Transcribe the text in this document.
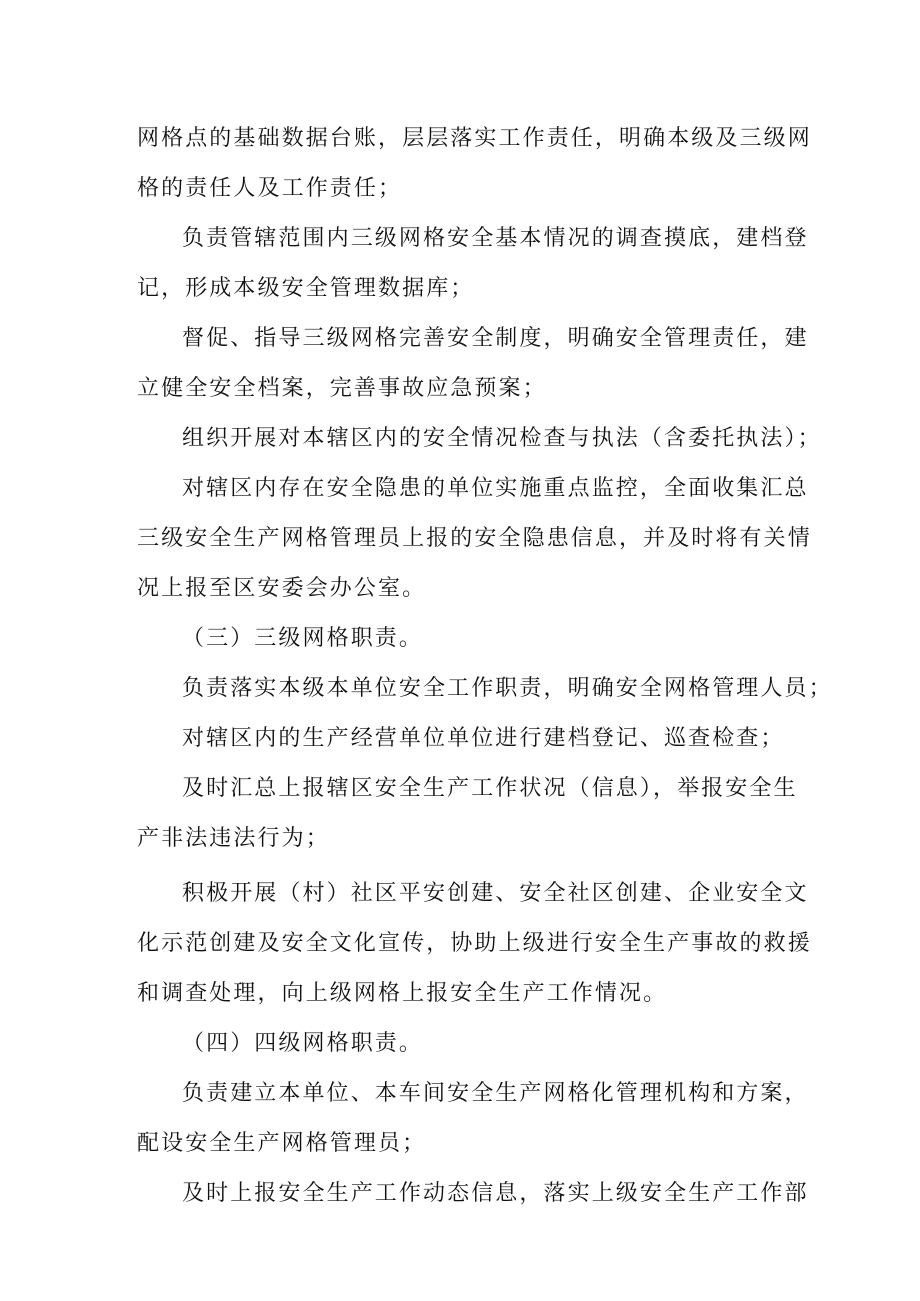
网格点的基础数据台账，层层落实工作责任，明确本级及三级网
格的责任人及工作责任；
负责管辖范围内三级网格安全基本情况的调查摸底，建档登
记，形成本级安全管理数据库；
督促、指导三级网格完善安全制度，明确安全管理责任，建
立健全安全档案，完善事故应急预案；
组织开展对本辖区内的安全情况检查与执法（含委托执法）；
对辖区内存在安全隐患的单位实施重点监控，全面收集汇总
三级安全生产网格管理员上报的安全隐患信息，并及时将有关情
况上报至区安委会办公室。
（三）三级网格职责。
负责落实本级本单位安全工作职责，明确安全网格管理人员；
对辖区内的生产经营单位单位进行建档登记、巡查检查；
及时汇总上报辖区安全生产工作状况（信息），举报安全生
产非法违法行为；
积极开展（村）社区平安创建、安全社区创建、企业安全文
化示范创建及安全文化宣传，协助上级进行安全生产事故的救援
和调查处理，向上级网格上报安全生产工作情况。
（四）四级网格职责。
负责建立本单位、本车间安全生产网格化管理机构和方案，
配设安全生产网格管理员；
及时上报安全生产工作动态信息，落实上级安全生产工作部
